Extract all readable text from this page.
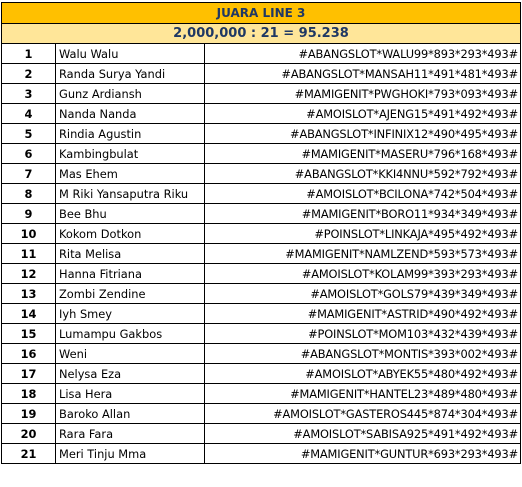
JUARA LINE 3		
2,000,000 : 21 = 95.238		
1	Walu Walu	#ABANGSLOT*WALU99*893*293*493#
2	Randa Surya Yandi	#ABANGSLOT*MANSAH11*491*481*493#
3	Gunz Ardiansh	#MAMIGENIT*PWGHOKI*793*093*493#
4	Nanda Nanda	#AMOISLOT*AJENG15*491*492*493#
5	Rindia Agustin	#ABANGSLOT*INFINIX12*490*495*493#
6	Kambingbulat	#MAMIGENIT*MASERU*796*168*493#
7	Mas Ehem	#ABANGSLOT*KKI4NNU*592*792*493#
8	M Riki Yansaputra Riku	#AMOISLOT*BCILONA*742*504*493#
9	Bee Bhu	#MAMIGENIT*BORO11*934*349*493#
10	Kokom Dotkon	#POINSLOT*LINKAJA*495*492*493#
11	Rita Melisa	#MAMIGENIT*NAMLZEND*593*573*493#
12	Hanna Fitriana	#AMOISLOT*KOLAM99*393*293*493#
13	Zombi Zendine	#AMOISLOT*GOLS79*439*349*493#
14	Iyh Smey	#MAMIGENIT*ASTRID*490*492*493#
15	Lumampu Gakbos	#POINSLOT*MOM103*432*439*493#
16	Weni	#ABANGSLOT*MONTIS*393*002*493#
17	Nelysa Eza	#AMOISLOT*ABYEK55*480*492*493#
18	Lisa Hera	#MAMIGENIT*HANTEL23*489*480*493#
19	Baroko Allan	#AMOISLOT*GASTEROS445*874*304*493#
20	Rara Fara	#AMOISLOT*SABISA925*491*492*493#
21	Meri Tinju Mma	#MAMIGENIT*GUNTUR*693*293*493#
